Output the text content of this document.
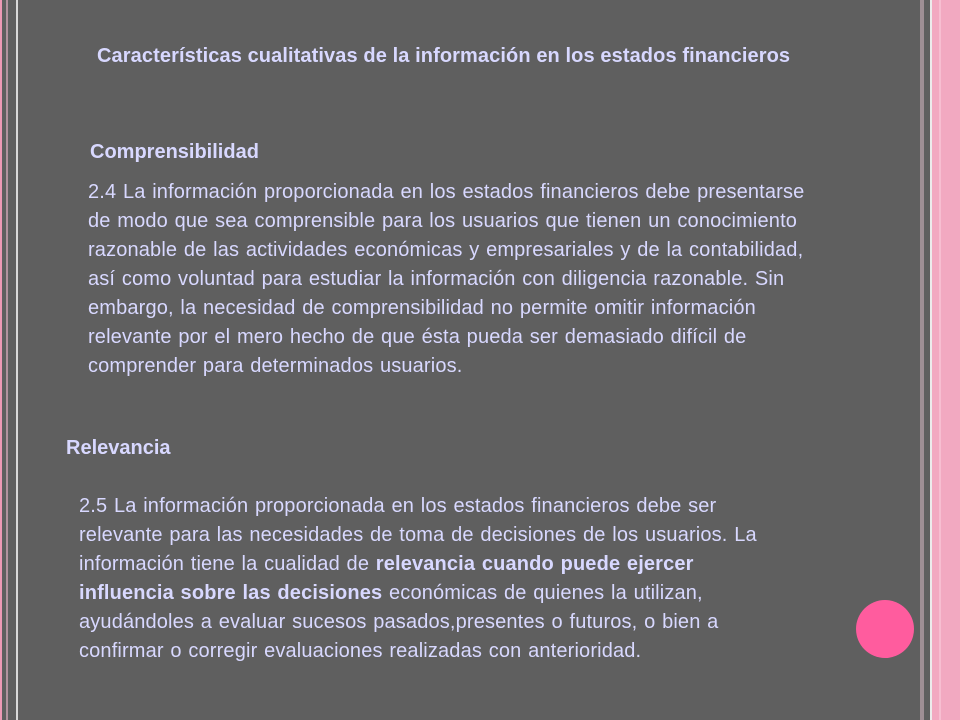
Características cualitativas de la información en los estados financieros
Comprensibilidad

2.4 La información proporcionada en los estados financieros debe presentarse de modo que sea comprensible para los usuarios que tienen un conocimiento razonable de las actividades económicas y empresariales y de la contabilidad, así como voluntad para estudiar la información con diligencia razonable. Sin embargo, la necesidad de comprensibilidad no permite omitir información relevante por el mero hecho de que ésta pueda ser demasiado difícil de comprender para determinados usuarios.

Relevancia

2.5 La información proporcionada en los estados financieros debe ser relevante para las necesidades de toma de decisiones de los usuarios. La información tiene la cualidad de relevancia cuando puede ejercer influencia sobre las decisiones económicas de quienes la utilizan, ayudándoles a evaluar sucesos pasados,presentes o futuros, o bien a confirmar o corregir evaluaciones realizadas con anterioridad.
